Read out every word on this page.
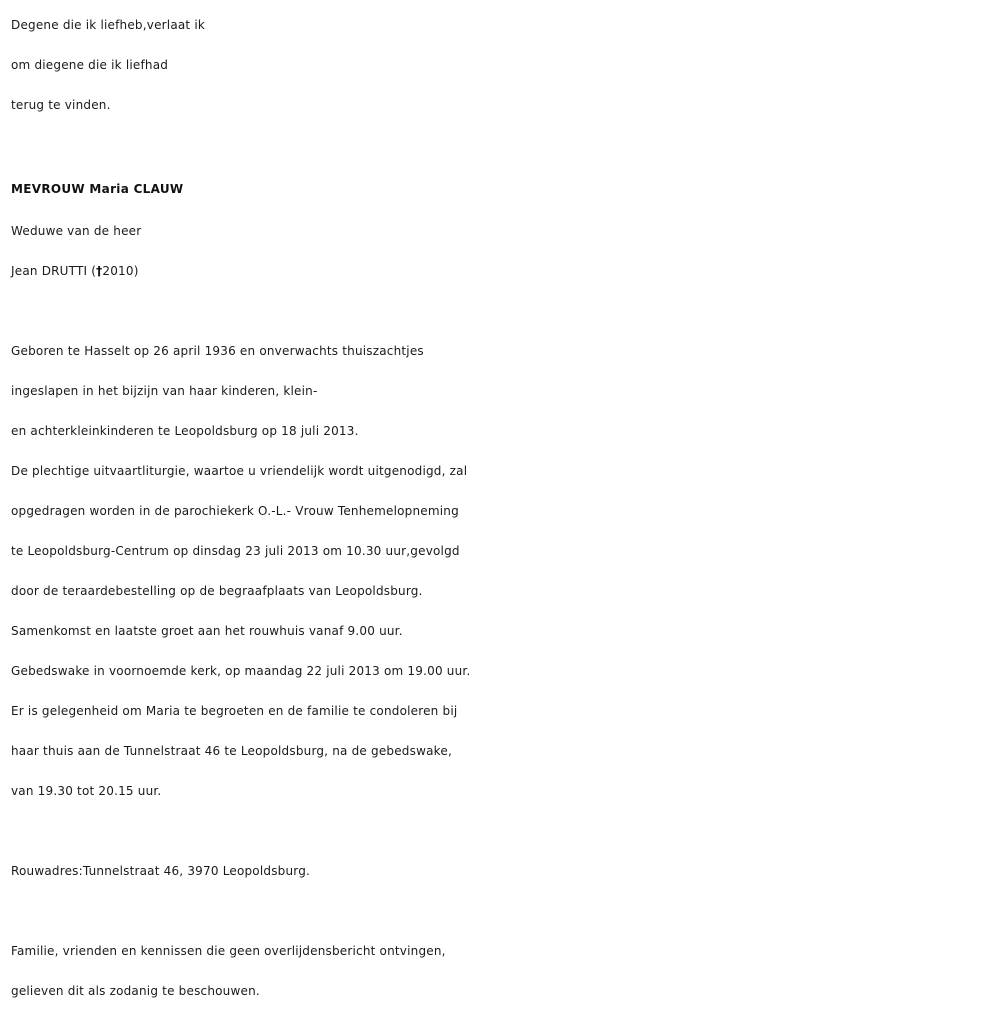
Degene die ik liefheb,verlaat ik
om diegene die ik liefhad
terug te vinden.
MEVROUW Maria CLAUW
Weduwe van de heer
Jean DRUTTI (†2010)
Geboren te Hasselt op 26 april 1936 en onverwachts thuiszachtjes
ingeslapen in het bijzijn van haar kinderen, klein-
en achterkleinkinderen te Leopoldsburg op 18 juli 2013.
De plechtige uitvaartliturgie, waartoe u vriendelijk wordt uitgenodigd, zal
opgedragen worden in de parochiekerk O.-L.- Vrouw Tenhemelopneming
te Leopoldsburg-Centrum op dinsdag 23 juli 2013 om 10.30 uur,gevolgd
door de teraardebestelling op de begraafplaats van Leopoldsburg.
Samenkomst en laatste groet aan het rouwhuis vanaf 9.00 uur.
Gebedswake in voornoemde kerk, op maandag 22 juli 2013 om 19.00 uur.
Er is gelegenheid om Maria te begroeten en de familie te condoleren bij
haar thuis aan de Tunnelstraat 46 te Leopoldsburg, na de gebedswake,
van 19.30 tot 20.15 uur.
Rouwadres:Tunnelstraat 46, 3970 Leopoldsburg.
Familie, vrienden en kennissen die geen overlijdensbericht ontvingen,
gelieven dit als zodanig te beschouwen.
